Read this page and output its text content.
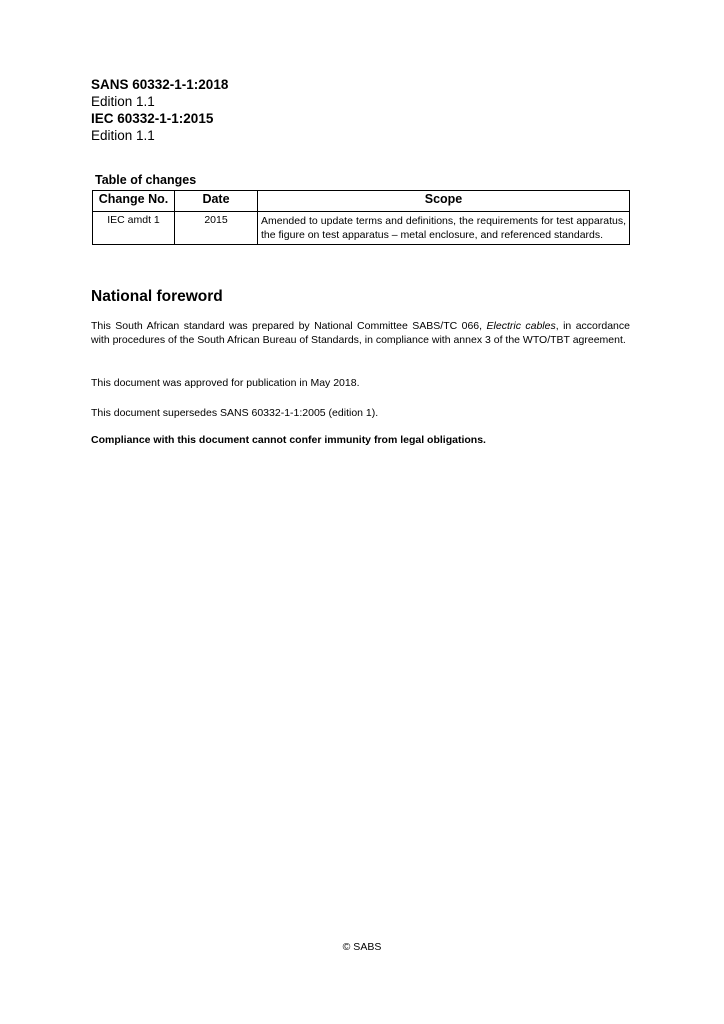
SANS 60332-1-1:2018
Edition 1.1
IEC 60332-1-1:2015
Edition 1.1
Table of changes
Change No.	Date	Scope
IEC amdt 1	2015	Amended to update terms and definitions, the requirements for test apparatus, the figure on test apparatus – metal enclosure, and referenced standards.
National foreword
This South African standard was prepared by National Committee SABS/TC 066, Electric cables, in accordance with procedures of the South African Bureau of Standards, in compliance with annex 3 of the WTO/TBT agreement.
This document was approved for publication in May 2018.
This document supersedes SANS 60332-1-1:2005 (edition 1).
Compliance with this document cannot confer immunity from legal obligations.
© SABS
